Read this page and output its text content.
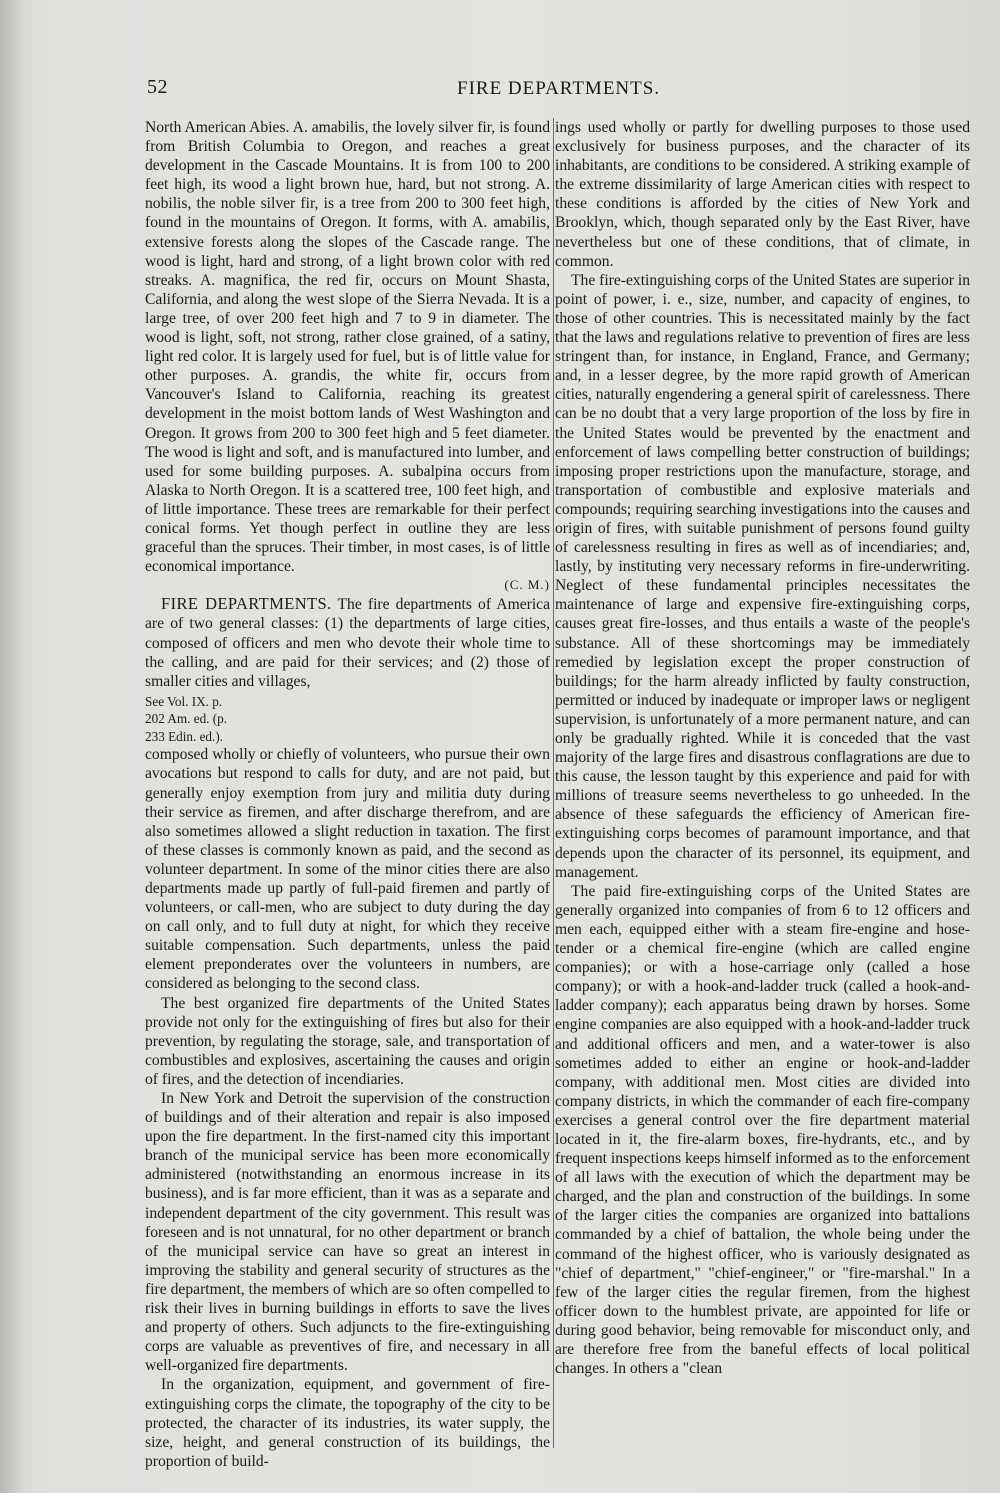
52	FIRE DEPARTMENTS.

North American Abies. A. amabilis, the lovely silver fir, is found from British Columbia to Oregon, and reaches a great development in the Cascade Mountains. It is from 100 to 200 feet high, its wood a light brown hue, hard, but not strong. A. nobilis, the noble silver fir, is a tree from 200 to 300 feet high, found in the mountains of Oregon. It forms, with A. amabilis, extensive forests along the slopes of the Cascade range. The wood is light, hard and strong, of a light brown color with red streaks. A. magnifica, the red fir, occurs on Mount Shasta, California, and along the west slope of the Sierra Nevada. It is a large tree, of over 200 feet high and 7 to 9 in diameter. The wood is light, soft, not strong, rather close grained, of a satiny, light red color. It is largely used for fuel, but is of little value for other purposes. A. grandis, the white fir, occurs from Vancouver's Island to California, reaching its greatest development in the moist bottom lands of West Washington and Oregon. It grows from 200 to 300 feet high and 5 feet diameter. The wood is light and soft, and is manufactured into lumber, and used for some building purposes. A. subalpina occurs from Alaska to North Oregon. It is a scattered tree, 100 feet high, and of little importance. These trees are remarkable for their perfect conical forms. Yet though perfect in outline they are less graceful than the spruces. Their timber, in most cases, is of little economical importance.

(C. M.)

FIRE DEPARTMENTS. The fire departments of America are of two general classes: (1) the departments of large cities, composed of officers and men who devote their whole time to the calling, and are paid for their services; and (2) those of smaller cities and villages,

See Vol. IX. p. 202 Am. ed. (p. 233 Edin. ed.).

composed wholly or chiefly of volunteers, who pursue their own avocations but respond to calls for duty, and are not paid, but generally enjoy exemption from jury and militia duty during their service as firemen, and after discharge therefrom, and are also sometimes allowed a slight reduction in taxation. The first of these classes is commonly known as paid, and the second as volunteer department. In some of the minor cities there are also departments made up partly of full-paid firemen and partly of volunteers, or call-men, who are subject to duty during the day on call only, and to full duty at night, for which they receive suitable compensation. Such departments, unless the paid element preponderates over the volunteers in numbers, are considered as belonging to the second class.

The best organized fire departments of the United States provide not only for the extinguishing of fires but also for their prevention, by regulating the storage, sale, and transportation of combustibles and explosives, ascertaining the causes and origin of fires, and the detection of incendiaries.

In New York and Detroit the supervision of the construction of buildings and of their alteration and repair is also imposed upon the fire department. In the first-named city this important branch of the municipal service has been more economically administered (notwithstanding an enormous increase in its business), and is far more efficient, than it was as a separate and independent department of the city government. This result was foreseen and is not unnatural, for no other department or branch of the municipal service can have so great an interest in improving the stability and general security of structures as the fire department, the members of which are so often compelled to risk their lives in burning buildings in efforts to save the lives and property of others. Such adjuncts to the fire-extinguishing corps are valuable as preventives of fire, and necessary in all well-organized fire departments.

In the organization, equipment, and government of fire-extinguishing corps the climate, the topography of the city to be protected, the character of its industries, its water supply, the size, height, and general construction of its buildings, the proportion of build-

ings used wholly or partly for dwelling purposes to those used exclusively for business purposes, and the character of its inhabitants, are conditions to be considered. A striking example of the extreme dissimilarity of large American cities with respect to these conditions is afforded by the cities of New York and Brooklyn, which, though separated only by the East River, have nevertheless but one of these conditions, that of climate, in common.

The fire-extinguishing corps of the United States are superior in point of power, i. e., size, number, and capacity of engines, to those of other countries. This is necessitated mainly by the fact that the laws and regulations relative to prevention of fires are less stringent than, for instance, in England, France, and Germany; and, in a lesser degree, by the more rapid growth of American cities, naturally engendering a general spirit of carelessness. There can be no doubt that a very large proportion of the loss by fire in the United States would be prevented by the enactment and enforcement of laws compelling better construction of buildings; imposing proper restrictions upon the manufacture, storage, and transportation of combustible and explosive materials and compounds; requiring searching investigations into the causes and origin of fires, with suitable punishment of persons found guilty of carelessness resulting in fires as well as of incendiaries; and, lastly, by instituting very necessary reforms in fire-underwriting. Neglect of these fundamental principles necessitates the maintenance of large and expensive fire-extinguishing corps, causes great fire-losses, and thus entails a waste of the people's substance. All of these shortcomings may be immediately remedied by legislation except the proper construction of buildings; for the harm already inflicted by faulty construction, permitted or induced by inadequate or improper laws or negligent supervision, is unfortunately of a more permanent nature, and can only be gradually righted. While it is conceded that the vast majority of the large fires and disastrous conflagrations are due to this cause, the lesson taught by this experience and paid for with millions of treasure seems nevertheless to go unheeded. In the absence of these safeguards the efficiency of American fire-extinguishing corps becomes of paramount importance, and that depends upon the character of its personnel, its equipment, and management.

The paid fire-extinguishing corps of the United States are generally organized into companies of from 6 to 12 officers and men each, equipped either with a steam fire-engine and hose-tender or a chemical fire-engine (which are called engine companies); or with a hose-carriage only (called a hose company); or with a hook-and-ladder truck (called a hook-and-ladder company); each apparatus being drawn by horses. Some engine companies are also equipped with a hook-and-ladder truck and additional officers and men, and a water-tower is also sometimes added to either an engine or hook-and-ladder company, with additional men. Most cities are divided into company districts, in which the commander of each fire-company exercises a general control over the fire department material located in it, the fire-alarm boxes, fire-hydrants, etc., and by frequent inspections keeps himself informed as to the enforcement of all laws with the execution of which the department may be charged, and the plan and construction of the buildings. In some of the larger cities the companies are organized into battalions commanded by a chief of battalion, the whole being under the command of the highest officer, who is variously designated as "chief of department," "chief-engineer," or "fire-marshal." In a few of the larger cities the regular firemen, from the highest officer down to the humblest private, are appointed for life or during good behavior, being removable for misconduct only, and are therefore free from the baneful effects of local political changes. In others a "clean
